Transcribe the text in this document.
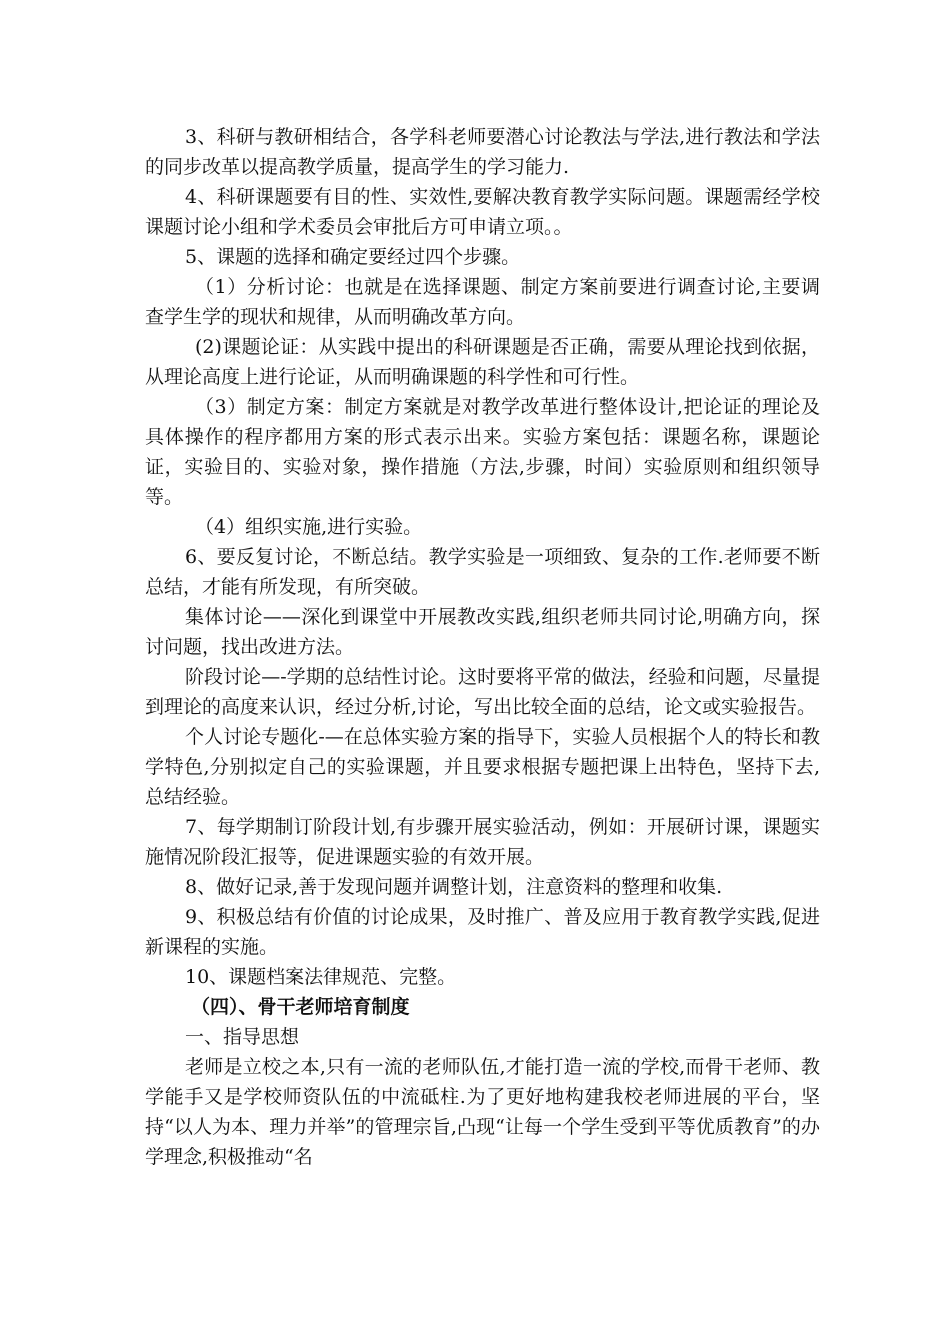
3、科研与教研相结合，各学科老师要潜心讨论教法与学法,进行教法和学法的同步改革以提高教学质量，提高学生的学习能力.

4、科研课题要有目的性、实效性,要解决教育教学实际问题。课题需经学校课题讨论小组和学术委员会审批后方可申请立项。。

5、课题的选择和确定要经过四个步骤。

（1）分析讨论：也就是在选择课题、制定方案前要进行调查讨论,主要调查学生学的现状和规律，从而明确改革方向。

(2)课题论证：从实践中提出的科研课题是否正确，需要从理论找到依据，从理论高度上进行论证，从而明确课题的科学性和可行性。

（3）制定方案：制定方案就是对教学改革进行整体设计,把论证的理论及具体操作的程序都用方案的形式表示出来。实验方案包括：课题名称，课题论证，实验目的、实验对象，操作措施（方法,步骤，时间）实验原则和组织领导等。

（4）组织实施,进行实验。

6、要反复讨论，不断总结。教学实验是一项细致、复杂的工作.老师要不断总结，才能有所发现，有所突破。

集体讨论——深化到课堂中开展教改实践,组织老师共同讨论,明确方向，探讨问题，找出改进方法。

阶段讨论—-学期的总结性讨论。这时要将平常的做法，经验和问题，尽量提到理论的高度来认识，经过分析,讨论，写出比较全面的总结，论文或实验报告。

个人讨论专题化-—在总体实验方案的指导下，实验人员根据个人的特长和教学特色,分别拟定自己的实验课题，并且要求根据专题把课上出特色，坚持下去,总结经验。

7、每学期制订阶段计划,有步骤开展实验活动，例如：开展研讨课，课题实施情况阶段汇报等，促进课题实验的有效开展。

8、做好记录,善于发现问题并调整计划，注意资料的整理和收集.

9、积极总结有价值的讨论成果，及时推广、普及应用于教育教学实践,促进新课程的实施。

10、课题档案法律规范、完整。

（四）、骨干老师培育制度

一、指导思想

老师是立校之本,只有一流的老师队伍,才能打造一流的学校,而骨干老师、教学能手又是学校师资队伍的中流砥柱.为了更好地构建我校老师进展的平台，坚持“以人为本、理力并举”的管理宗旨,凸现“让每一个学生受到平等优质教育”的办学理念,积极推动“名
